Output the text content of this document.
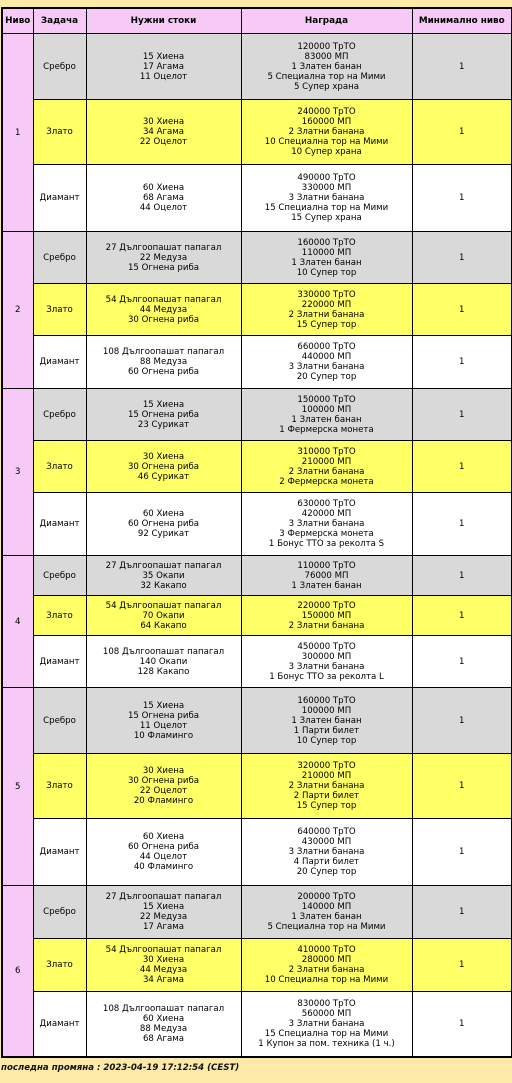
Ниво	Задача	Нужни стоки	Награда	Минимално ниво
1	Сребро	15 Хиена
17 Агама
11 Оцелот	120000 ТрТО
83000 МП
1 Златен банан
5 Специална тор на Мими
5 Супер храна	1
	Злато	30 Хиена
34 Агама
22 Оцелот	240000 ТрТО
160000 МП
2 Златни банана
10 Специална тор на Мими
10 Супер храна	1
	Диамант	60 Хиена
68 Агама
44 Оцелот	490000 ТрТО
330000 МП
3 Златни банана
15 Специална тор на Мими
15 Супер храна	1
2	Сребро	27 Дългоопашат папагал
22 Медуза
15 Огнена риба	160000 ТрТО
110000 МП
1 Златен банан
10 Супер тор	1
	Злато	54 Дългоопашат папагал
44 Медуза
30 Огнена риба	330000 ТрТО
220000 МП
2 Златни банана
15 Супер тор	1
	Диамант	108 Дългоопашат папагал
88 Медуза
60 Огнена риба	660000 ТрТО
440000 МП
3 Златни банана
20 Супер тор	1
3	Сребро	15 Хиена
15 Огнена риба
23 Сурикат	150000 ТрТО
100000 МП
1 Златен банан
1 Фермерска монета	1
	Злато	30 Хиена
30 Огнена риба
46 Сурикат	310000 ТрТО
210000 МП
2 Златни банана
2 Фермерска монета	1
	Диамант	60 Хиена
60 Огнена риба
92 Сурикат	630000 ТрТО
420000 МП
3 Златни банана
3 Фермерска монета
1 Бонус ТТО за реколта S	1
4	Сребро	27 Дългоопашат папагал
35 Окапи
32 Какапо	110000 ТрТО
76000 МП
1 Златен банан	1
	Злато	54 Дългоопашат папагал
70 Окапи
64 Какапо	220000 ТрТО
150000 МП
2 Златни банана	1
	Диамант	108 Дългоопашат папагал
140 Окапи
128 Какапо	450000 ТрТО
300000 МП
3 Златни банана
1 Бонус ТТО за реколта L	1
5	Сребро	15 Хиена
15 Огнена риба
11 Оцелот
10 Фламинго	160000 ТрТО
100000 МП
1 Златен банан
1 Парти билет
10 Супер тор	1
	Злато	30 Хиена
30 Огнена риба
22 Оцелот
20 Фламинго	320000 ТрТО
210000 МП
2 Златни банана
2 Парти билет
15 Супер тор	1
	Диамант	60 Хиена
60 Огнена риба
44 Оцелот
40 Фламинго	640000 ТрТО
430000 МП
3 Златни банана
4 Парти билет
20 Супер тор	1
6	Сребро	27 Дългоопашат папагал
15 Хиена
22 Медуза
17 Агама	200000 ТрТО
140000 МП
1 Златен банан
5 Специална тор на Мими	1
	Злато	54 Дългоопашат папагал
30 Хиена
44 Медуза
34 Агама	410000 ТрТО
280000 МП
2 Златни банана
10 Специална тор на Мими	1
	Диамант	108 Дългоопашат папагал
60 Хиена
88 Медуза
68 Агама	830000 ТрТО
560000 МП
3 Златни банана
15 Специална тор на Мими
1 Купон за пом. техника (1 ч.)	1
последна промяна : 2023-04-19 17:12:54 (CEST)
